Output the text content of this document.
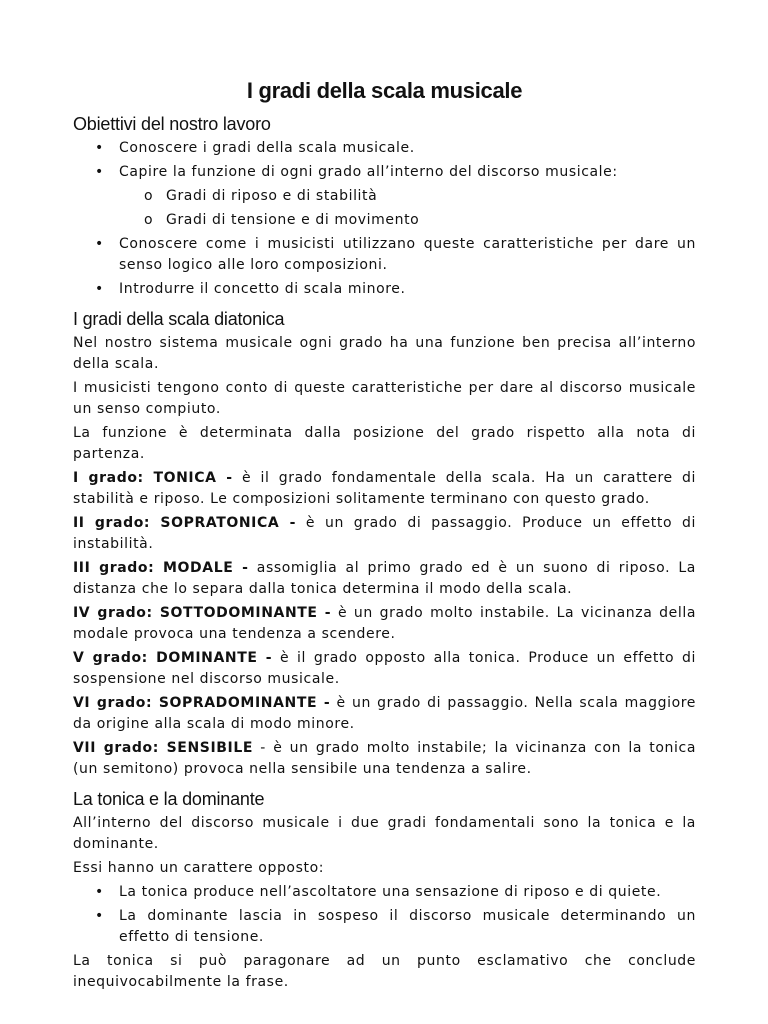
I gradi della scala musicale
Obiettivi del nostro lavoro
• Conoscere i gradi della scala musicale.
• Capire la funzione di ogni grado all’interno del discorso musicale:
o Gradi di riposo e di stabilità
o Gradi di tensione e di movimento
• Conoscere come i musicisti utilizzano queste caratteristiche per dare un senso logico alle loro composizioni.
• Introdurre il concetto di scala minore.
I gradi della scala diatonica

Nel nostro sistema musicale ogni grado ha una funzione ben precisa all’interno della scala.

I musicisti tengono conto di queste caratteristiche per dare al discorso musicale un senso compiuto.

La funzione è determinata dalla posizione del grado rispetto alla nota di partenza.

I grado: TONICA - è il grado fondamentale della scala. Ha un carattere di stabilità e riposo. Le composizioni solitamente terminano con questo grado.

II grado: SOPRATONICA - è un grado di passaggio. Produce un effetto di instabilità.

III grado: MODALE - assomiglia al primo grado ed è un suono di riposo. La distanza che lo separa dalla tonica determina il modo della scala.

IV grado: SOTTODOMINANTE - è un grado molto instabile. La vicinanza della modale provoca una tendenza a scendere.

V grado: DOMINANTE - è il grado opposto alla tonica. Produce un effetto di sospensione nel discorso musicale.

VI grado: SOPRADOMINANTE - è un grado di passaggio. Nella scala maggiore da origine alla scala di modo minore.

VII grado: SENSIBILE - è un grado molto instabile; la vicinanza con la tonica (un semitono) provoca nella sensibile una tendenza a salire.

La tonica e la dominante

All’interno del discorso musicale i due gradi fondamentali sono la tonica e la dominante.

Essi hanno un carattere opposto:

• La tonica produce nell’ascoltatore una sensazione di riposo e di quiete.
• La dominante lascia in sospeso il discorso musicale determinando un effetto di tensione.

La tonica si può paragonare ad un punto esclamativo che conclude inequivocabilmente la frase.
